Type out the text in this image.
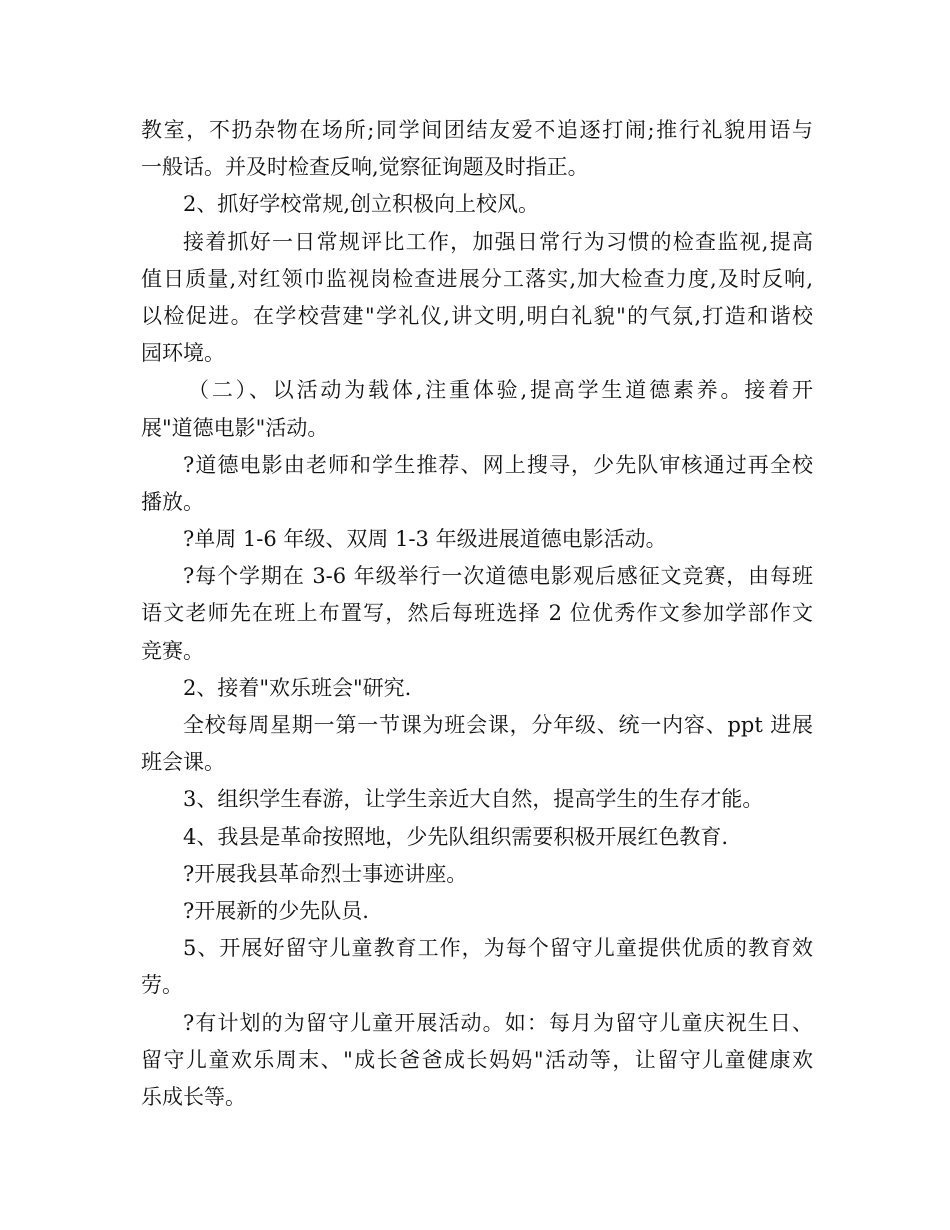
教室，不扔杂物在场所;同学间团结友爱不追逐打闹;推行礼貌用语与
一般话。并及时检查反响,觉察征询题及时指正。
2、抓好学校常规,创立积极向上校风。
接着抓好一日常规评比工作，加强日常行为习惯的检查监视,提高
值日质量,对红领巾监视岗检查进展分工落实,加大检查力度,及时反响,
以检促进。在学校营建"学礼仪,讲文明,明白礼貌"的气氛,打造和谐校
园环境。
（二）、以活动为载体,注重体验,提高学生道德素养。接着开
展"道德电影"活动。
?道德电影由老师和学生推荐、网上搜寻，少先队审核通过再全校
播放。
?单周 1-6 年级、双周 1-3 年级进展道德电影活动。
?每个学期在 3-6 年级举行一次道德电影观后感征文竞赛，由每班
语文老师先在班上布置写，然后每班选择 2 位优秀作文参加学部作文
竞赛。
2、接着"欢乐班会"研究.
全校每周星期一第一节课为班会课，分年级、统一内容、ppt 进展
班会课。
3、组织学生春游，让学生亲近大自然，提高学生的生存才能。
4、我县是革命按照地，少先队组织需要积极开展红色教育.
?开展我县革命烈士事迹讲座。
?开展新的少先队员.
5、开展好留守儿童教育工作，为每个留守儿童提供优质的教育效
劳。
?有计划的为留守儿童开展活动。如：每月为留守儿童庆祝生日、
留守儿童欢乐周末、"成长爸爸成长妈妈"活动等，让留守儿童健康欢
乐成长等。
